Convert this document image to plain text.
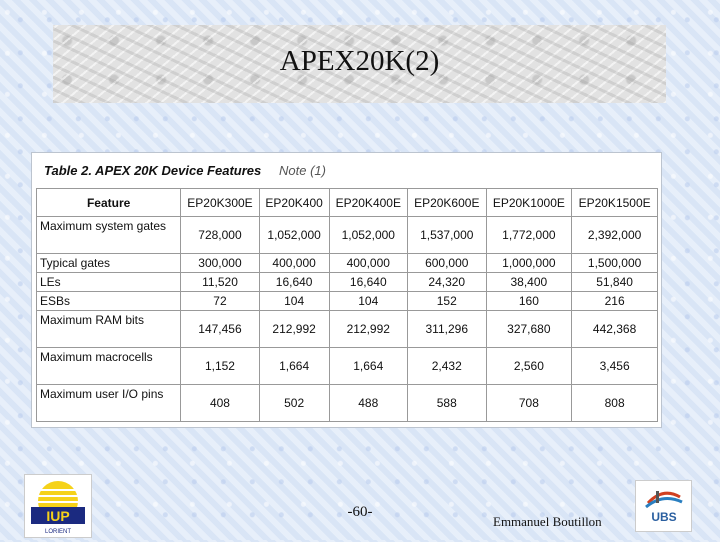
APEX20K(2)
Table 2. APEX 20K Device Features Note (1)
Feature	EP20K300E	EP20K400	EP20K400E	EP20K600E	EP20K1000E	EP20K1500E
Maximum system gates	728,000	1,052,000	1,052,000	1,537,000	1,772,000	2,392,000
Typical gates	300,000	400,000	400,000	600,000	1,000,000	1,500,000
LEs	11,520	16,640	16,640	24,320	38,400	51,840
ESBs	72	104	104	152	160	216
Maximum RAM bits	147,456	212,992	212,992	311,296	327,680	442,368
Maximum macrocells	1,152	1,664	1,664	2,432	2,560	3,456
Maximum user I/O pins	408	502	488	588	708	808
IUP
LORIENT
-60-
Emmanuel Boutillon	UBS
